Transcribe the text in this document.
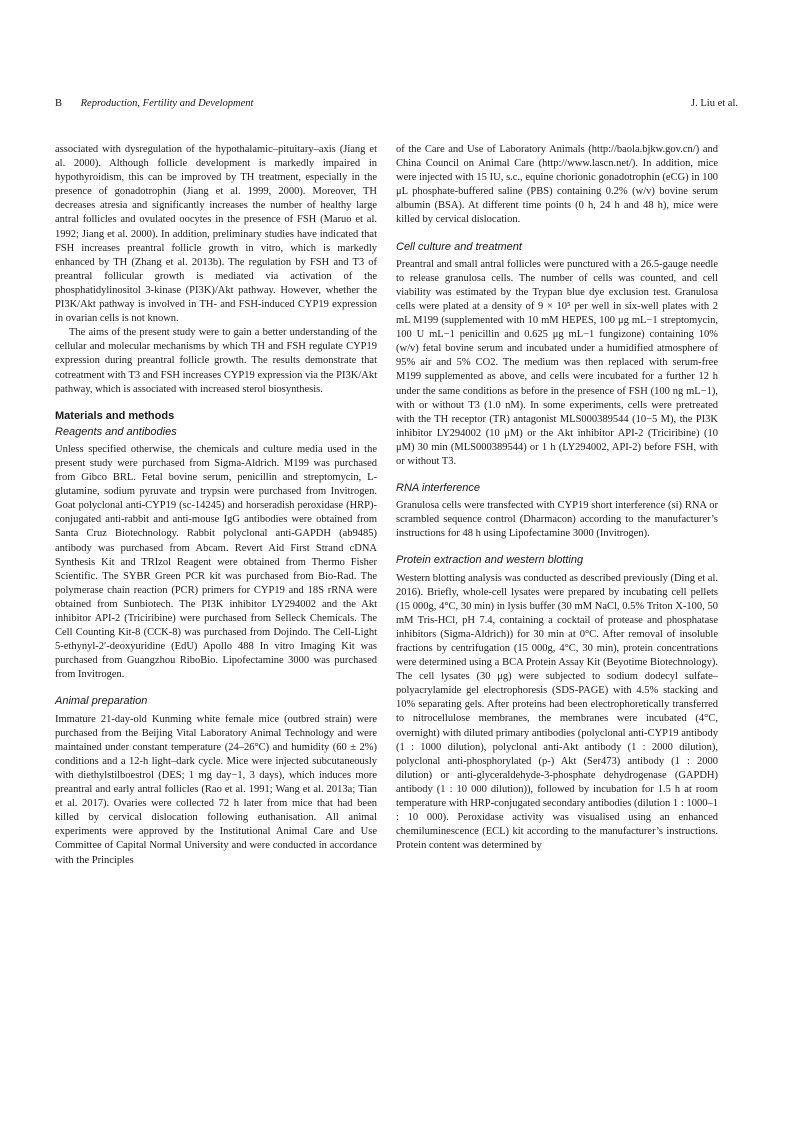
B Reproduction, Fertility and Development	J. Liu et al.

associated with dysregulation of the hypothalamic–pituitary–axis (Jiang et al. 2000). Although follicle development is markedly impaired in hypothyroidism, this can be improved by TH treatment, especially in the presence of gonadotrophin (Jiang et al. 1999, 2000). Moreover, TH decreases atresia and significantly increases the number of healthy large antral follicles and ovulated oocytes in the presence of FSH (Maruo et al. 1992; Jiang et al. 2000). In addition, preliminary studies have indicated that FSH increases preantral follicle growth in vitro, which is markedly enhanced by TH (Zhang et al. 2013b). The regulation by FSH and T3 of preantral follicular growth is mediated via activation of the phosphatidylinositol 3-kinase (PI3K)/Akt pathway. However, whether the PI3K/Akt pathway is involved in TH- and FSH-induced CYP19 expression in ovarian cells is not known.

The aims of the present study were to gain a better understanding of the cellular and molecular mechanisms by which TH and FSH regulate CYP19 expression during preantral follicle growth. The results demonstrate that cotreatment with T3 and FSH increases CYP19 expression via the PI3K/Akt pathway, which is associated with increased sterol biosynthesis.

Materials and methods
Reagents and antibodies

Unless specified otherwise, the chemicals and culture media used in the present study were purchased from Sigma-Aldrich. M199 was purchased from Gibco BRL. Fetal bovine serum, penicillin and streptomycin, L-glutamine, sodium pyruvate and trypsin were purchased from Invitrogen. Goat polyclonal anti-CYP19 (sc-14245) and horseradish peroxidase (HRP)-conjugated anti-rabbit and anti-mouse IgG antibodies were obtained from Santa Cruz Biotechnology. Rabbit polyclonal anti-GAPDH (ab9485) antibody was purchased from Abcam. Revert Aid First Strand cDNA Synthesis Kit and TRIzol Reagent were obtained from Thermo Fisher Scientific. The SYBR Green PCR kit was purchased from Bio-Rad. The polymerase chain reaction (PCR) primers for CYP19 and 18S rRNA were obtained from Sunbiotech. The PI3K inhibitor LY294002 and the Akt inhibitor API-2 (Triciribine) were purchased from Selleck Chemicals. The Cell Counting Kit-8 (CCK-8) was purchased from Dojindo. The Cell-Light 5-ethynyl-2′-deoxyuridine (EdU) Apollo 488 In vitro Imaging Kit was purchased from Guangzhou RiboBio. Lipofectamine 3000 was purchased from Invitrogen.

Animal preparation

Immature 21-day-old Kunming white female mice (outbred strain) were purchased from the Beijing Vital Laboratory Animal Technology and were maintained under constant temperature (24–26°C) and humidity (60 ± 2%) conditions and a 12-h light–dark cycle. Mice were injected subcutaneously with diethylstilboestrol (DES; 1 mg day−1, 3 days), which induces more preantral and early antral follicles (Rao et al. 1991; Wang et al. 2013a; Tian et al. 2017). Ovaries were collected 72 h later from mice that had been killed by cervical dislocation following euthanisation. All animal experiments were approved by the Institutional Animal Care and Use Committee of Capital Normal University and were conducted in accordance with the Principles

of the Care and Use of Laboratory Animals (http://baola.bjkw.gov.cn/) and China Council on Animal Care (http://www.lascn.net/). In addition, mice were injected with 15 IU, s.c., equine chorionic gonadotrophin (eCG) in 100 μL phosphate-buffered saline (PBS) containing 0.2% (w/v) bovine serum albumin (BSA). At different time points (0 h, 24 h and 48 h), mice were killed by cervical dislocation.

Cell culture and treatment

Preantral and small antral follicles were punctured with a 26.5-gauge needle to release granulosa cells. The number of cells was counted, and cell viability was estimated by the Trypan blue dye exclusion test. Granulosa cells were plated at a density of 9 × 10⁵ per well in six-well plates with 2 mL M199 (supplemented with 10 mM HEPES, 100 μg mL−1 streptomycin, 100 U mL−1 penicillin and 0.625 μg mL−1 fungizone) containing 10% (w/v) fetal bovine serum and incubated under a humidified atmosphere of 95% air and 5% CO2. The medium was then replaced with serum-free M199 supplemented as above, and cells were incubated for a further 12 h under the same conditions as before in the presence of FSH (100 ng mL−1), with or without T3 (1.0 nM). In some experiments, cells were pretreated with the TH receptor (TR) antagonist MLS000389544 (10−5 M), the PI3K inhibitor LY294002 (10 μM) or the Akt inhibitor API-2 (Triciribine) (10 μM) 30 min (MLS000389544) or 1 h (LY294002, API-2) before FSH, with or without T3.

RNA interference

Granulosa cells were transfected with CYP19 short interference (si) RNA or scrambled sequence control (Dharmacon) according to the manufacturer’s instructions for 48 h using Lipofectamine 3000 (Invitrogen).

Protein extraction and western blotting

Western blotting analysis was conducted as described previously (Ding et al. 2016). Briefly, whole-cell lysates were prepared by incubating cell pellets (15 000g, 4°C, 30 min) in lysis buffer (30 mM NaCl, 0.5% Triton X-100, 50 mM Tris-HCl, pH 7.4, containing a cocktail of protease and phosphatase inhibitors (Sigma-Aldrich)) for 30 min at 0°C. After removal of insoluble fractions by centrifugation (15 000g, 4°C, 30 min), protein concentrations were determined using a BCA Protein Assay Kit (Beyotime Biotechnology). The cell lysates (30 μg) were subjected to sodium dodecyl sulfate–polyacrylamide gel electrophoresis (SDS-PAGE) with 4.5% stacking and 10% separating gels. After proteins had been electrophoretically transferred to nitrocellulose membranes, the membranes were incubated (4°C, overnight) with diluted primary antibodies (polyclonal anti-CYP19 antibody (1 : 1000 dilution), polyclonal anti-Akt antibody (1 : 2000 dilution), polyclonal anti-phosphorylated (p-) Akt (Ser473) antibody (1 : 2000 dilution) or anti-glyceraldehyde-3-phosphate dehydrogenase (GAPDH) antibody (1 : 10 000 dilution)), followed by incubation for 1.5 h at room temperature with HRP-conjugated secondary antibodies (dilution 1 : 1000–1 : 10 000). Peroxidase activity was visualised using an enhanced chemiluminescence (ECL) kit according to the manufacturer’s instructions. Protein content was determined by
